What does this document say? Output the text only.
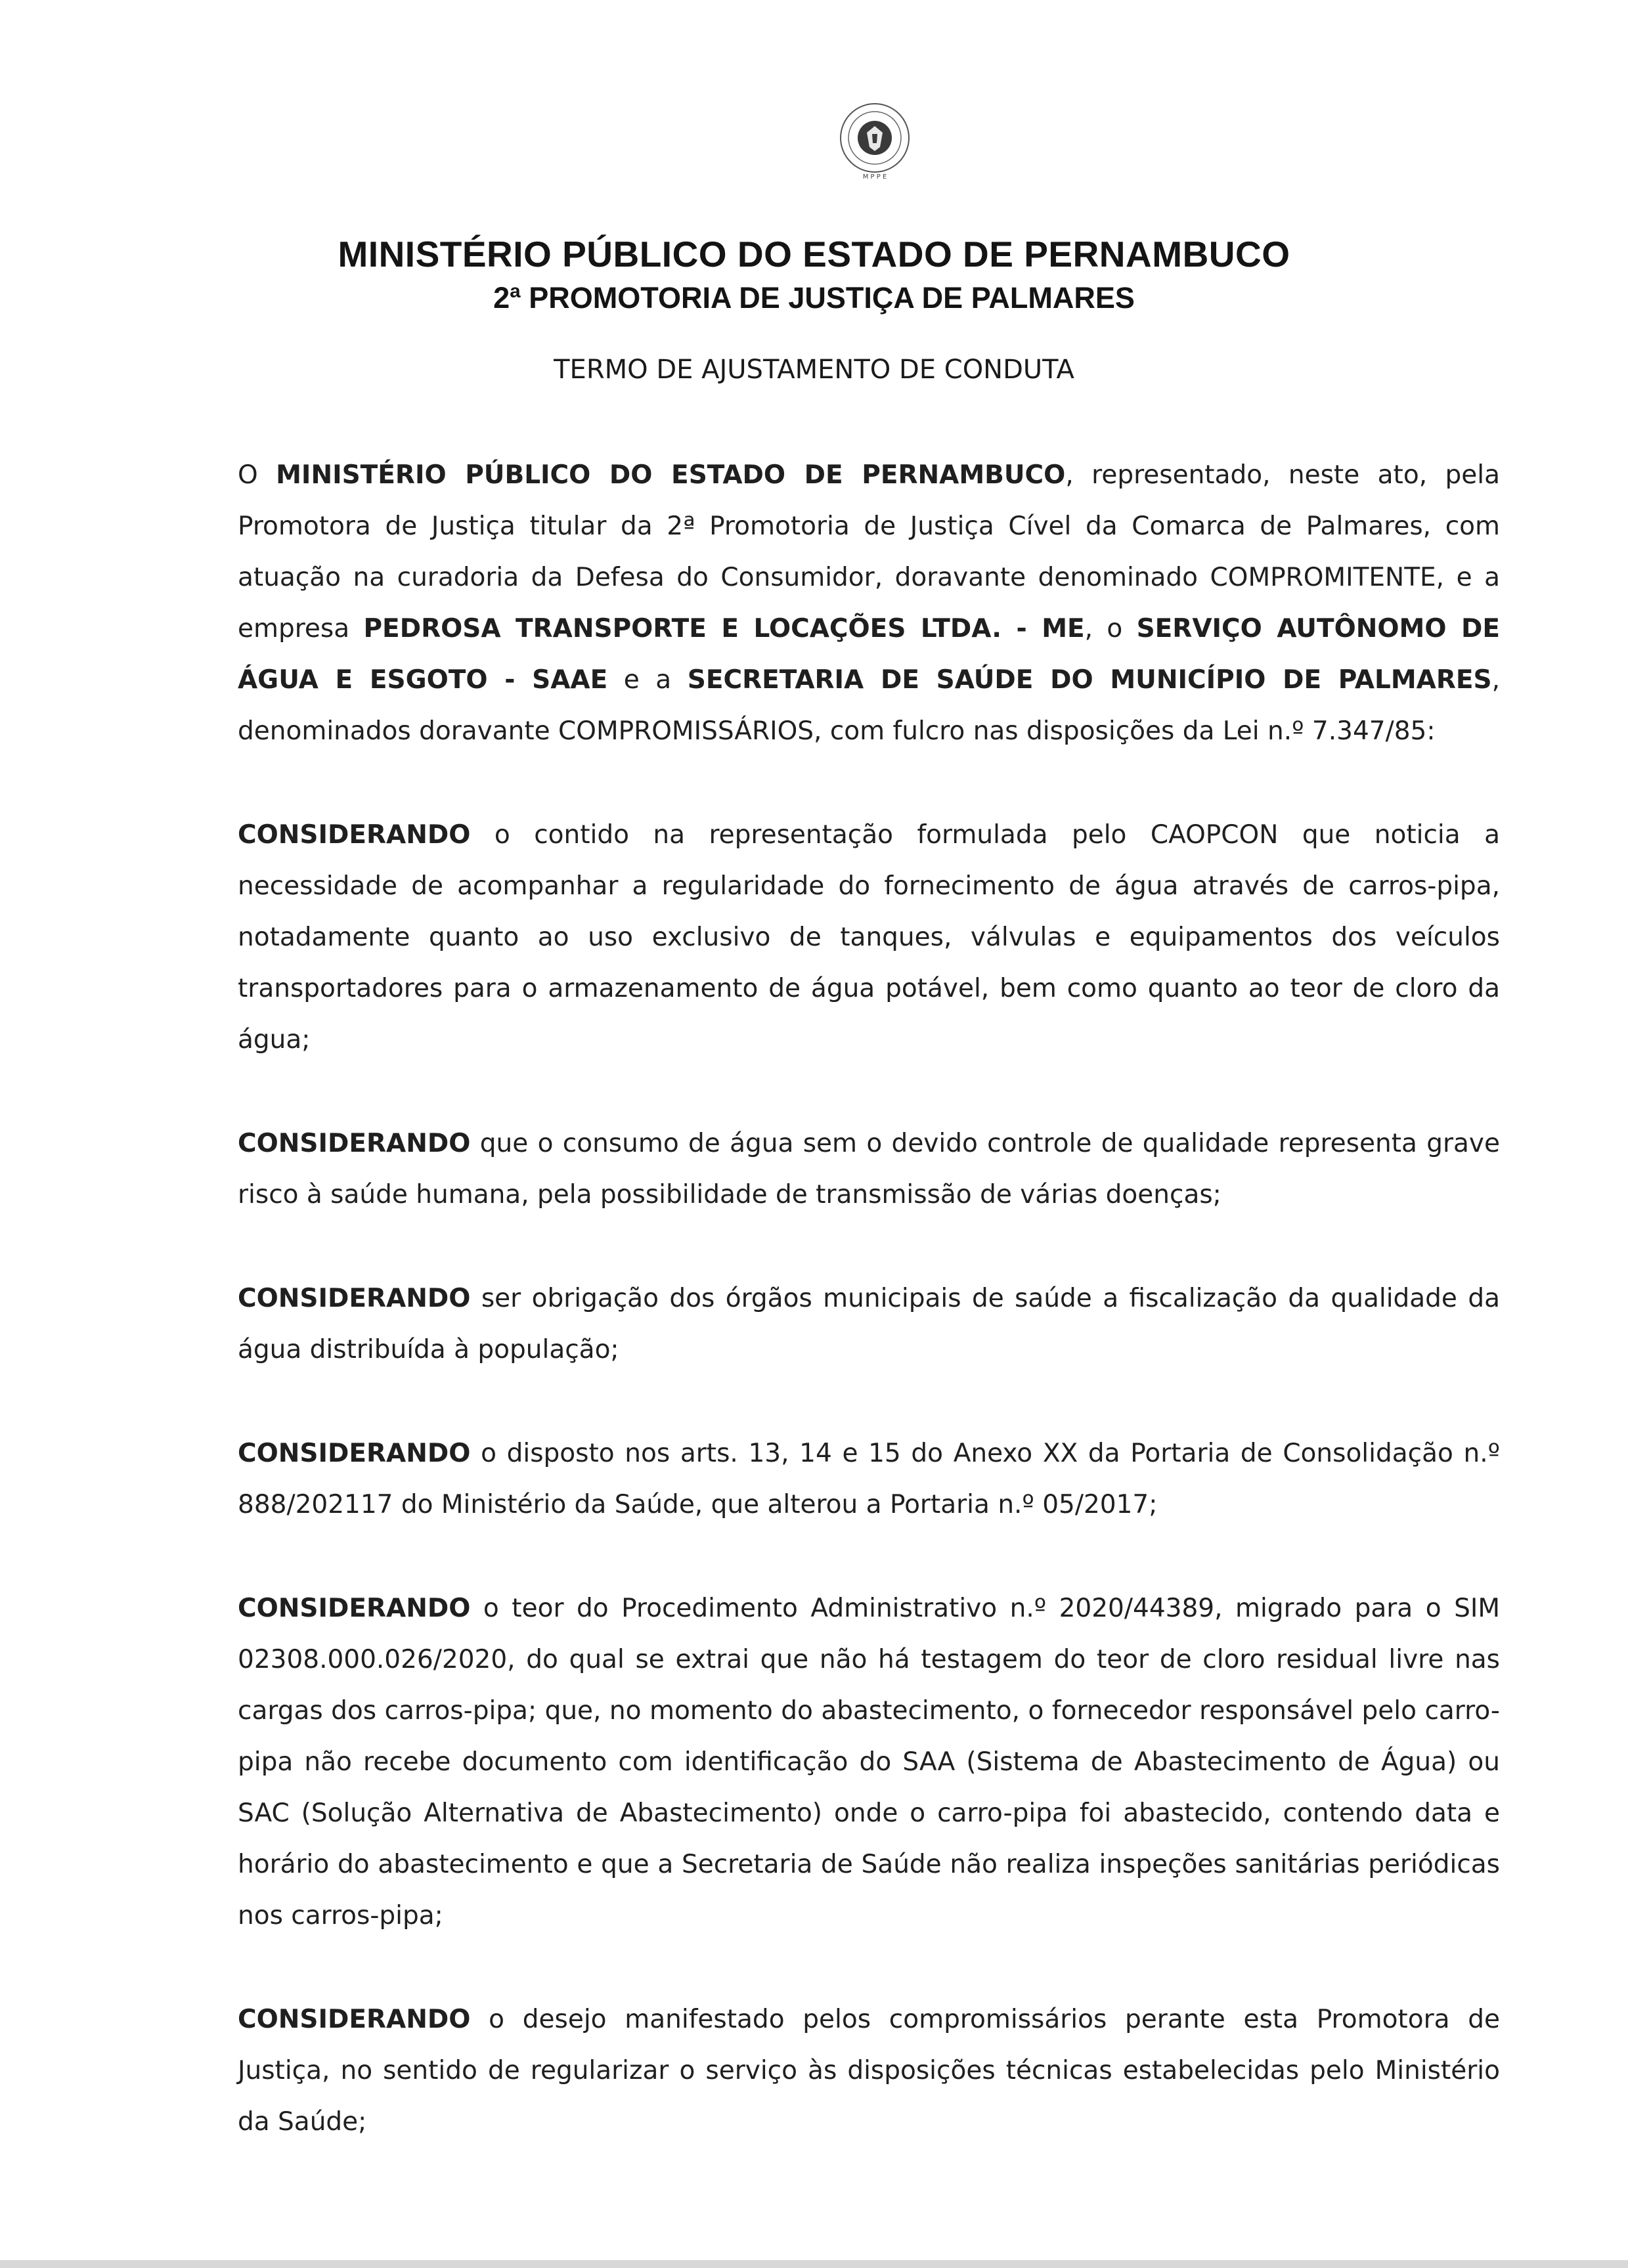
M P P E
MINISTÉRIO PÚBLICO DO ESTADO DE PERNAMBUCO
2ª PROMOTORIA DE JUSTIÇA DE PALMARES
TERMO DE AJUSTAMENTO DE CONDUTA

O MINISTÉRIO PÚBLICO DO ESTADO DE PERNAMBUCO, representado, neste ato, pela Promotora de Justiça titular da 2ª Promotoria de Justiça Cível da Comarca de Palmares, com atuação na curadoria da Defesa do Consumidor, doravante denominado COMPROMITENTE, e a empresa PEDROSA TRANSPORTE E LOCAÇÕES LTDA. - ME, o SERVIÇO AUTÔNOMO DE ÁGUA E ESGOTO - SAAE e a SECRETARIA DE SAÚDE DO MUNICÍPIO DE PALMARES, denominados doravante COMPROMISSÁRIOS, com fulcro nas disposições da Lei n.º 7.347/85:

CONSIDERANDO o contido na representação formulada pelo CAOPCON que noticia a necessidade de acompanhar a regularidade do fornecimento de água através de carros-pipa, notadamente quanto ao uso exclusivo de tanques, válvulas e equipamentos dos veículos transportadores para o armazenamento de água potável, bem como quanto ao teor de cloro da água;

CONSIDERANDO que o consumo de água sem o devido controle de qualidade representa grave risco à saúde humana, pela possibilidade de transmissão de várias doenças;

CONSIDERANDO ser obrigação dos órgãos municipais de saúde a fiscalização da qualidade da água distribuída à população;

CONSIDERANDO o disposto nos arts. 13, 14 e 15 do Anexo XX da Portaria de Consolidação n.º 888/202117 do Ministério da Saúde, que alterou a Portaria n.º 05/2017;

CONSIDERANDO o teor do Procedimento Administrativo n.º 2020/44389, migrado para o SIM 02308.000.026/2020, do qual se extrai que não há testagem do teor de cloro residual livre nas cargas dos carros-pipa; que, no momento do abastecimento, o fornecedor responsável pelo carro-pipa não recebe documento com identificação do SAA (Sistema de Abastecimento de Água) ou SAC (Solução Alternativa de Abastecimento) onde o carro-pipa foi abastecido, contendo data e horário do abastecimento e que a Secretaria de Saúde não realiza inspeções sanitárias periódicas nos carros-pipa;

CONSIDERANDO o desejo manifestado pelos compromissários perante esta Promotora de Justiça, no sentido de regularizar o serviço às disposições técnicas estabelecidas pelo Ministério da Saúde;
